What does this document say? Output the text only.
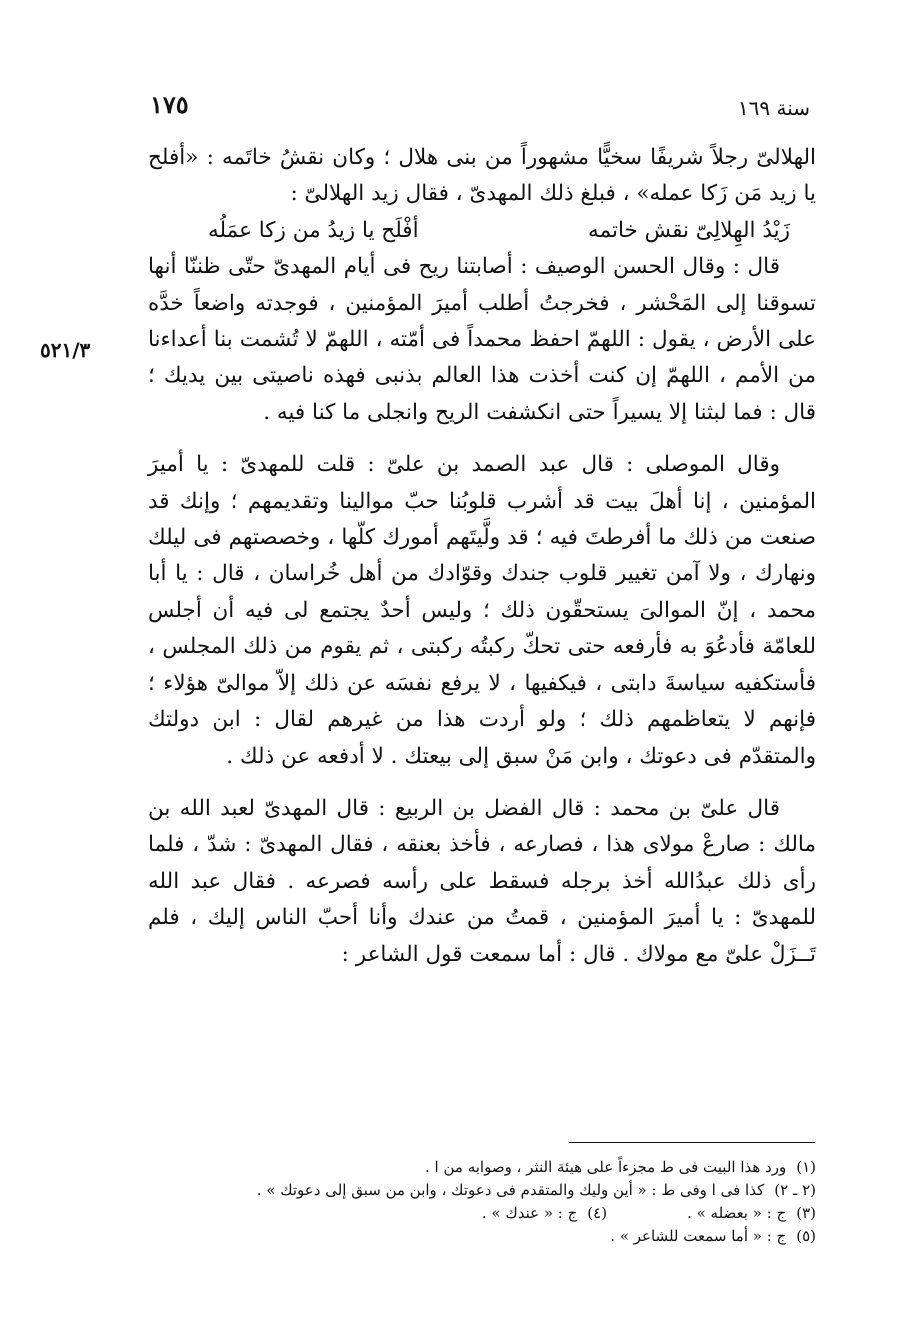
سنة ١٦٩
١٧٥
٥٢١/٣

الهلالىّ رجلاً شريفًا سخيًّا مشهوراً من بنى هلال ؛ وكان نقشُ خاتَمه : «أفلح يا زيد مَن زَكا عمله» ، فبلغ ذلك المهدىّ ، فقال زيد الهلالىّ :

زَيْدُ الهِلالِىّ نقش خاتمه
أفْلَح يا زيدُ من زكا عمَلُه

قال : وقال الحسن الوصيف : أصابتنا ريح فى أيام المهدىّ حتّى ظننّا أنها تسوقنا إلى المَحْشر ، فخرجتُ أطلب أميرَ المؤمنين ، فوجدته واضعاً خدَّه على الأرض ، يقول : اللهمّ احفظ محمداً فى أمّته ، اللهمّ لا تُشمت بنا أعداءنا من الأمم ، اللهمّ إن كنت أخذت هذا العالم بذنبى فهذه ناصيتى بين يديك ؛ قال : فما لبثنا إلا يسيراً حتى انكشفت الريح وانجلى ما كنا فيه .

وقال الموصلى : قال عبد الصمد بن علىّ : قلت للمهدىّ : يا أميرَ المؤمنين ، إنا أهلَ بيت قد أشرب قلوبُنا حبّ موالينا وتقديمهم ؛ وإنك قد صنعت من ذلك ما أفرطتَ فيه ؛ قد ولَّيتَهم أمورك كلّها ، وخصصتهم فى ليلك ونهارك ، ولا آمن تغيير قلوب جندك وقوّادك من أهل خُراسان ، قال : يا أبا محمد ، إنّ الموالىَ يستحقّون ذلك ؛ وليس أحدٌ يجتمع لى فيه أن أجلس للعامّة فأدعُوَ به فأرفعه حتى تحكّ ركبتُه ركبتى ، ثم يقوم من ذلك المجلس ، فأستكفيه سياسةَ دابتى ، فيكفيها ، لا يرفع نفسَه عن ذلك إلاّ موالىّ هؤلاء ؛ فإنهم لا يتعاظمهم ذلك ؛ ولو أردت هذا من غيرهم لقال : ابن دولتك والمتقدّم فى دعوتك ، وابن مَنْ سبق إلى بيعتك . لا أدفعه عن ذلك .

قال علىّ بن محمد : قال الفضل بن الربيع : قال المهدىّ لعبد الله بن مالك : صارعْ مولاى هذا ، فصارعه ، فأخذ بعنقه ، فقال المهدىّ : شدّ ، فلما رأى ذلك عبدُالله أخذ برجله فسقط على رأسه فصرعه . فقال عبد الله للمهدىّ : يا أميرَ المؤمنين ، قمتُ من عندك وأنا أحبّ الناس إليك ، فلم تَــزَلْ علىّ مع مولاك . قال : أما سمعت قول الشاعر :

(١)ورد هذا البيت فى ط مجزءاً على هيئة النثر ، وصوابه من ا .
(٢ ـ ٢)كذا فى ا وفى ط : « أين وليك والمتقدم فى دعوتك ، وابن من سبق إلى دعوتك » .
(٣)ج : « بعضله » .
(٤)ج : « عندك » .
(٥)ج : « أما سمعت للشاعر » .
